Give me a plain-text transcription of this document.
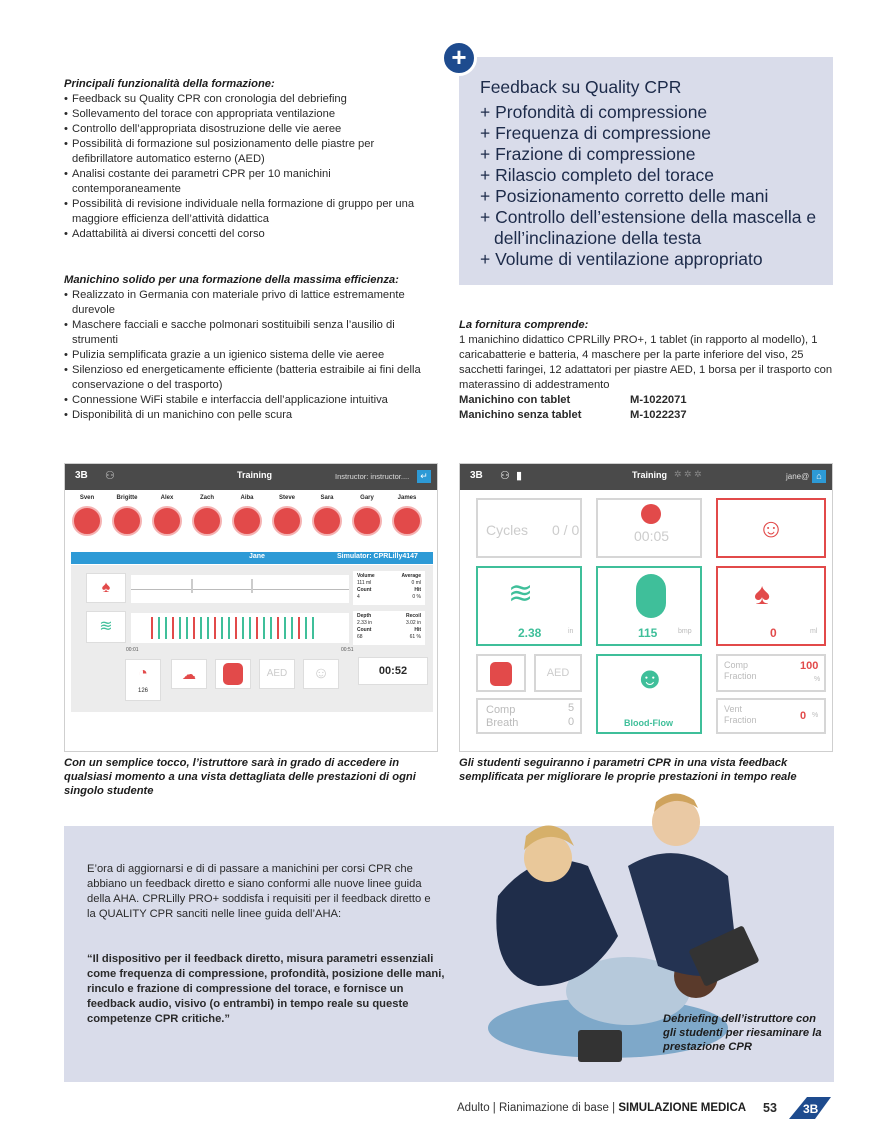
Principali funzionalità della formazione:
• Feedback su Quality CPR con cronologia del debriefing
• Sollevamento del torace con appropriata ventilazione
• Controllo dell’appropriata disostruzione delle vie aeree
• Possibilità di formazione sul posizionamento delle piastre per defibrillatore automatico esterno (AED)
• Analisi costante dei parametri CPR per 10 manichini contemporaneamente
• Possibilità di revisione individuale nella formazione di gruppo per una maggiore efficienza dell’attività didattica
• Adattabilità ai diversi concetti del corso
Manichino solido per una formazione della massima efficienza:
• Realizzato in Germania con materiale privo di lattice estremamente durevole
• Maschere facciali e sacche polmonari sostituibili senza l’ausilio di strumenti
• Pulizia semplificata grazie a un igienico sistema delle vie aeree
• Silenzioso ed energeticamente efficiente (batteria estraibile ai fini della conservazione o del trasporto)
• Connessione WiFi stabile e interfaccia dell’applicazione intuitiva
• Disponibilità di un manichino con pelle scura
Feedback su Quality CPR
+ Profondità di compressione
+ Frequenza di compressione
+ Frazione di compressione
+ Rilascio completo del torace
+ Posizionamento corretto delle mani
+ Controllo dell’estensione della mascella e dell’inclinazione della testa
+ Volume di ventilazione appropriato
+
La fornitura comprende:

1 manichino didattico CPRLilly PRO+, 1 tablet (in rapporto al modello), 1 caricabatterie e batteria, 4 maschere per la parte inferiore del viso, 25 sacchetti faringei, 12 adattatori per piastre AED, 1 borsa per il trasporto con materassino di addestramento

Manichino con tablet	M-1022071
Manichino senza tablet	M-1022237
3B ⚇	Training	Instructor: instructor....	↵
Sven	Brigitte	Alex	Zach	Aiba	Steve	Sara	Gary	James
Jane	Simulator: CPRLilly4147
♠
Volume	Average
111 ml	0 ml
Count	Hit
4	0 %
≋
Depth	Recoil
2.33 in	3.02 in
Count	Hit
68	61 %
00:01	00:51
◔
126
☁	AED	☺	00:52
3B ⚇ ▮	Training ✲ ✲ ✲	jane@ ⌂
Cycles 0 / 0	00:05	☺
≋
2.38	in	115	bmp
♠
0	ml
AED	☻
Blood-Flow
Comp Fraction
100
%
Comp Breath
5
0
Vent Fraction	0 %
Con un semplice tocco, l’istruttore sarà in grado di accedere in qualsiasi momento a una vista dettagliata delle prestazioni di ogni singolo studente
Gli studenti seguiranno i parametri CPR in una vista feedback semplificata per migliorare le proprie prestazioni in tempo reale
E’ora di aggiornarsi e di di passare a manichini per corsi CPR che abbiano un feedback diretto e siano conformi alle nuove linee guida della AHA. CPRLilly PRO+ soddisfa i requisiti per il feedback diretto e la QUALITY CPR sanciti nelle linee guida dell’AHA:
“Il dispositivo per il feedback diretto, misura parametri essenziali come frequenza di compressione, profondità, posizione delle mani, rinculo e frazione di compressione del torace, e fornisce un feedback audio, visivo (o entrambi) in tempo reale su queste competenze CPR critiche.”	Debriefing dell’istruttore con gli studenti per riesaminare la prestazione CPR
Adulto | Rianimazione di base | SIMULAZIONE MEDICA 53 3B
